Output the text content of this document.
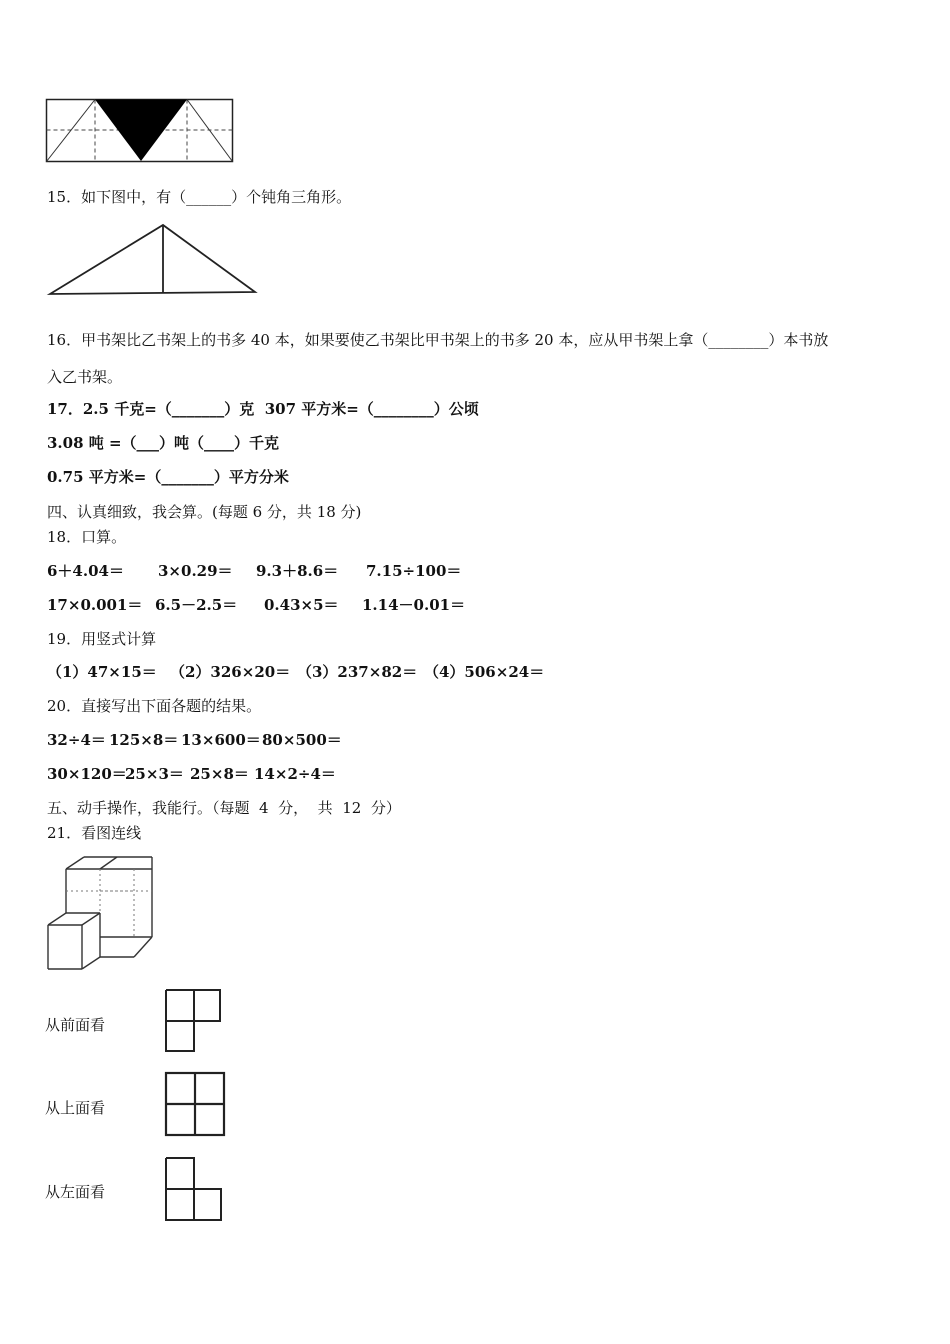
15．如下图中，有（______）个钝角三角形。
16．甲书架比乙书架上的书多 40 本，如果要使乙书架比甲书架上的书多 20 本，应从甲书架上拿（________）本书放
入乙书架。
17．2.5 千克=（_______）克  307 平方米=（________）公顷
3.08 吨 =（___）吨（____）千克
0.75 平方米=（_______）平方分米
四、认真细致，我会算。(每题 6 分，共 18 分)
18．口算。
6＋4.04＝ 3×0.29＝ 9.3＋8.6＝ 7.15÷100＝
17×0.001＝ 6.5－2.5＝ 0.43×5＝ 1.14－0.01＝
19．用竖式计算
（1）47×15＝ （2）326×20＝ （3）237×82＝ （4）506×24＝
20．直接写出下面各题的结果。
32÷4＝ 125×8＝ 13×600＝ 80×500＝
30×120＝
25×3＝ 25×8＝ 14×2÷4＝
五、动手操作，我能行。（每题  4  分，  共  12  分）
21．看图连线
从前面看
从上面看
从左面看
